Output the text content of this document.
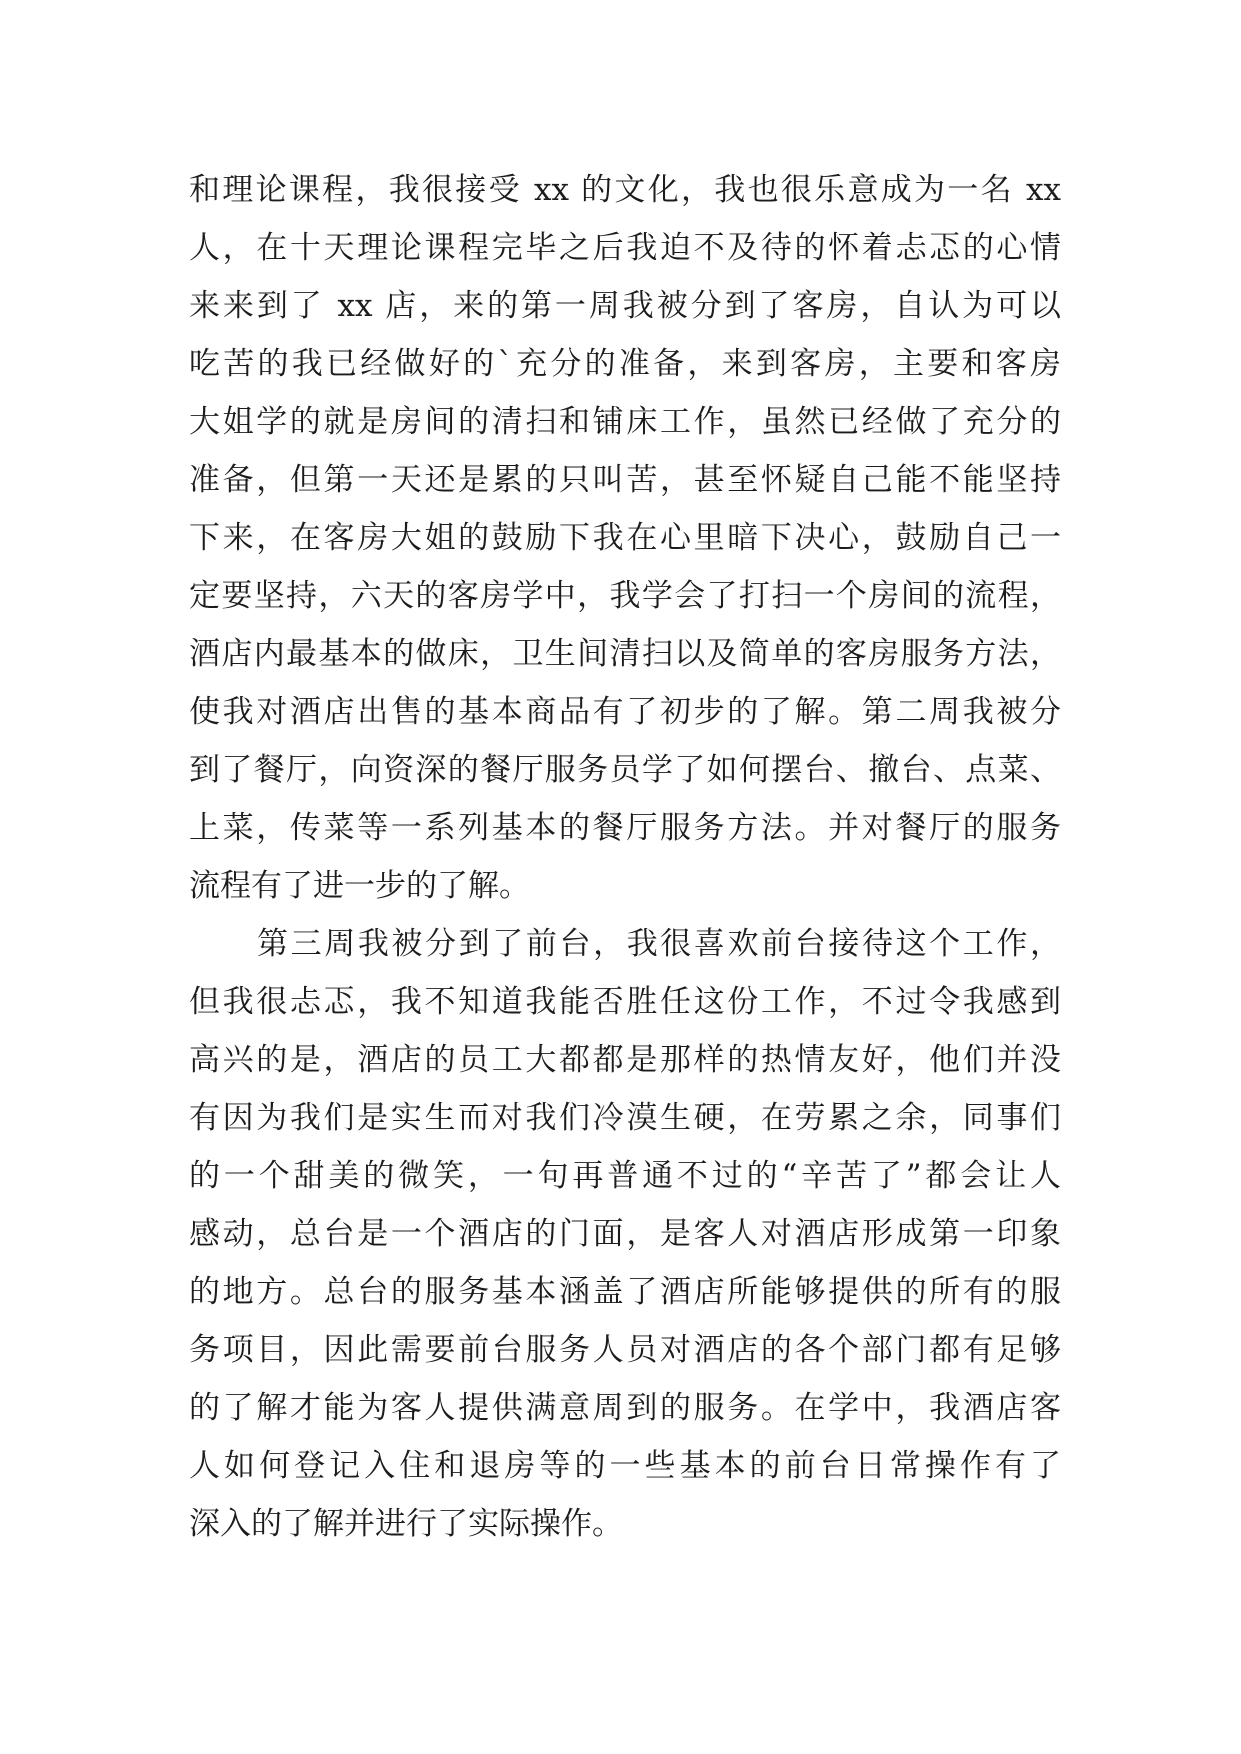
和理论课程，我很接受 xx 的文化，我也很乐意成为一名 xx
人，在十天理论课程完毕之后我迫不及待的怀着忐忑的心情
来来到了 xx 店，来的第一周我被分到了客房，自认为可以
吃苦的我已经做好的`充分的准备，来到客房，主要和客房
大姐学的就是房间的清扫和铺床工作，虽然已经做了充分的
准备，但第一天还是累的只叫苦，甚至怀疑自己能不能坚持
下来，在客房大姐的鼓励下我在心里暗下决心，鼓励自己一
定要坚持，六天的客房学中，我学会了打扫一个房间的流程，
酒店内最基本的做床，卫生间清扫以及简单的客房服务方法，
使我对酒店出售的基本商品有了初步的了解。第二周我被分
到了餐厅，向资深的餐厅服务员学了如何摆台、撤台、点菜、
上菜，传菜等一系列基本的餐厅服务方法。并对餐厅的服务
流程有了进一步的了解。
第三周我被分到了前台，我很喜欢前台接待这个工作，
但我很忐忑，我不知道我能否胜任这份工作，不过令我感到
高兴的是，酒店的员工大都都是那样的热情友好，他们并没
有因为我们是实生而对我们冷漠生硬，在劳累之余，同事们
的一个甜美的微笑，一句再普通不过的“辛苦了”都会让人
感动，总台是一个酒店的门面，是客人对酒店形成第一印象
的地方。总台的服务基本涵盖了酒店所能够提供的所有的服
务项目，因此需要前台服务人员对酒店的各个部门都有足够
的了解才能为客人提供满意周到的服务。在学中，我酒店客
人如何登记入住和退房等的一些基本的前台日常操作有了
深入的了解并进行了实际操作。
